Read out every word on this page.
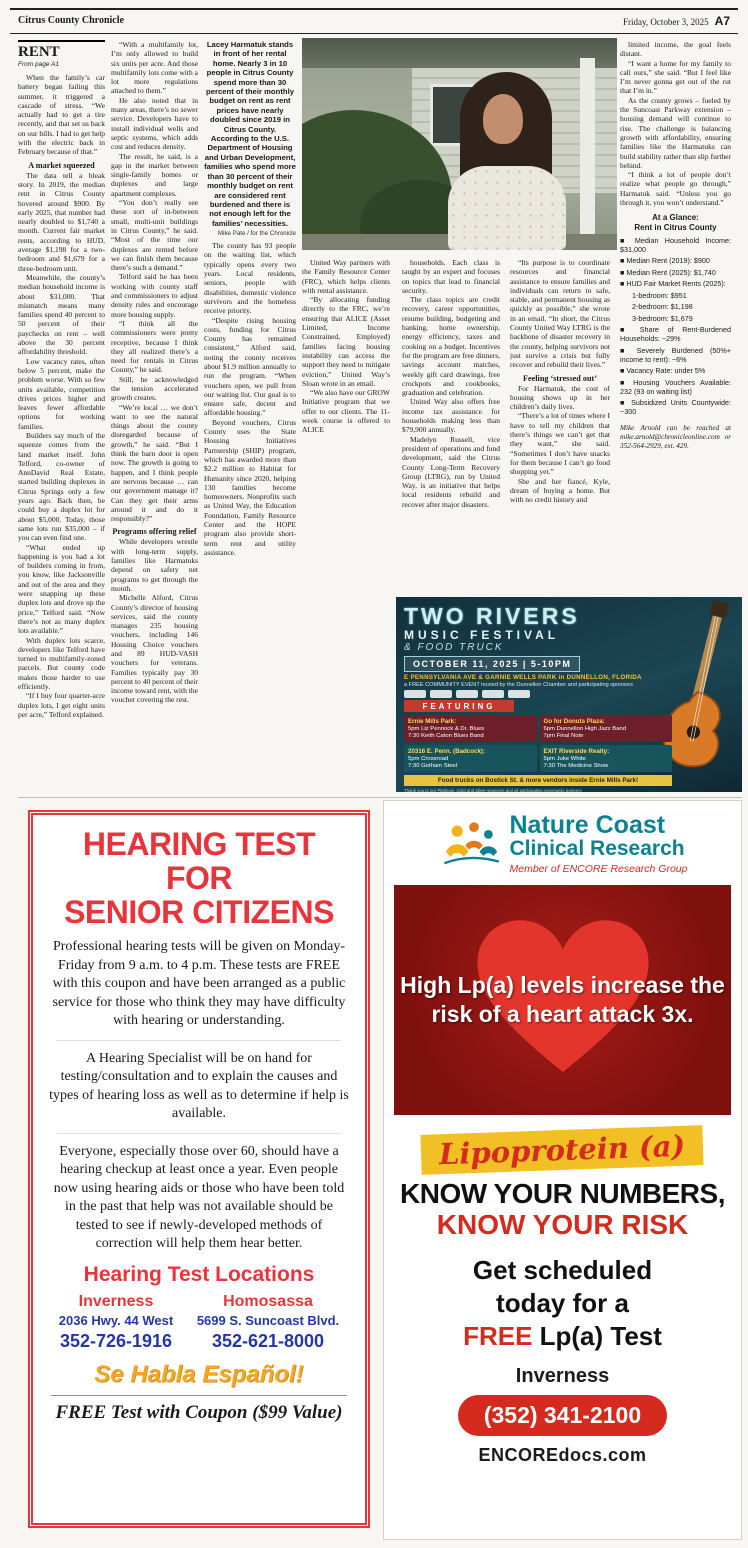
Citrus County Chronicle	Friday, October 3, 2025 A7
RENT
From page A1

When the family’s car battery began failing this summer, it triggered a cascade of stress. “We actually had to get a tire recently, and that set us back on our bills. I had to get help with the electric back in February because of that.”

A market squeezed

The data tell a bleak story. In 2019, the median rent in Citrus County hovered around $900. By early 2025, that number had nearly doubled to $1,740 a month. Current fair market rents, according to HUD, average $1,198 for a two-bedroom and $1,679 for a three-bedroom unit.

Meanwhile, the county’s median household income is about $31,000. That mismatch means many families spend 40 percent to 50 percent of their paychecks on rent – well above the 30 percent affordability threshold.

Low vacancy rates, often below 5 percent, make the problem worse. With so few units available, competition drives prices higher and leaves fewer affordable options for working families.

Builders say much of the squeeze comes from the land market itself. John Telford, co-owner of AnnDavid Real Estate, started building duplexes in Citrus Springs only a few years ago. Back then, he could buy a duplex lot for about $5,000. Today, those same lots run $35,000 – if you can even find one.

“What ended up happening is you had a lot of builders coming in from, you know, like Jacksonville and out of the area and they were snapping up these duplex lots and drove up the price,” Telford said. “Now there’s not as many duplex lots available.”

With duplex lots scarce, developers like Telford have turned to multifamily-zoned parcels. But county code makes those harder to use efficiently.

“If I buy four quarter-acre duplex lots, I get eight units per acre,” Telford explained.

“With a multifamily lot, I’m only allowed to build six units per acre. And those multifamily lots come with a lot more regulations attached to them.”

He also noted that in many areas, there’s no sewer service. Developers have to install individual wells and septic systems, which adds cost and reduces density.

The result, he said, is a gap in the market between single-family homes or duplexes and large apartment complexes.

“You don’t really see these sort of in-between small, multi-unit buildings in Citrus County,” he said. “Most of the time our duplexes are rented before we can finish them because there’s such a demand.”

Telford said he has been working with county staff and commissioners to adjust density rules and encourage more housing supply.

“I think all the commissioners were pretty receptive, because I think they all realized there’s a need for rentals in Citrus County,” he said.

Still, he acknowledged the tension accelerated growth creates.

“We’re local … we don’t want to see the natural things about the county disregarded because of growth,” he said. “But I think the barn door is open now. The growth is going to happen, and I think people are nervous because … can our government manage it? Can they get their arms around it and do it responsibly?”

Programs offering relief

While developers wrestle with long-term supply, families like Harmatuks depend on safety net programs to get through the month.

Michelle Alford, Citrus County’s director of housing services, said the county manages 235 housing vouchers, including 146 Housing Choice vouchers and 89 HUD-VASH vouchers for veterans. Families typically pay 30 percent to 40 percent of their income toward rent, with the voucher covering the rest.

Lacey Harmatuk stands in front of her rental home. Nearly 3 in 10 people in Citrus County spend more than 30 percent of their monthly budget on rent as rent prices have nearly doubled since 2019 in Citrus County. According to the U.S. Department of Housing and Urban Development, families who spend more than 30 percent of their monthly budget on rent are considered rent burdened and there is not enough left for the families’ necessities.
Mike Pate / for the Chronicle

The county has 93 people on the waiting list, which typically opens every two years. Local residents, seniors, people with disabilities, domestic violence survivors and the homeless receive priority.

“Despite rising housing costs, funding for Citrus County has remained consistent,” Alford said, noting the county receives about $1.9 million annually to run the program. “When vouchers open, we pull from our waiting list. Our goal is to ensure safe, decent and affordable housing.”

Beyond vouchers, Citrus County uses the State Housing Initiatives Partnership (SHIP) program, which has awarded more than $2.2 million to Habitat for Humanity since 2020, helping 130 families become homeowners. Nonprofits such as United Way, the Education Foundation, Family Resource Center and the HOPE program also provide short-term rent and utility assistance.

United Way partners with the Family Resource Center (FRC), which helps clients with rental assistance.

“By allocating funding directly to the FRC, we’re ensuring that ALICE (Asset Limited, Income Constrained, Employed) families facing housing instability can access the support they need to mitigate eviction,” United Way’s Sloan wrote in an email.

“We also have our GROW Initiative program that we offer to our clients. The 11-week course is offered to ALICE

households. Each class is taught by an expert and focuses on topics that lead to financial security.

The class topics are credit recovery, career opportunities, resume building, budgeting and banking, home ownership, energy efficiency, taxes and cooking on a budget. Incentives for the program are free dinners, savings account matches, weekly gift card drawings, free crockpots and cookbooks, graduation and celebration.

United Way also offers free income tax assistance for households making less than $79,900 annually.

Madelyn Russell, vice president of operations and fund development, said the Citrus County Long-Term Recovery Group (LTRG), run by United Way, is an initiative that helps local residents rebuild and recover after major disasters.

“Its purpose is to coordinate resources and financial assistance to ensure families and individuals can return to safe, stable, and permanent housing as quickly as possible,” she wrote in an email. “In short, the Citrus County United Way LTRG is the backbone of disaster recovery in the county, helping survivors not just survive a crisis but fully recover and rebuild their lives.”

Feeling ‘stressed out’

For Harmatuk, the cost of housing shows up in her children’s daily lives.

“There’s a lot of times where I have to tell my children that there’s things we can’t get that they want,” she said. “Sometimes I don’t have snacks for them because I can’t go food shopping yet.”

She and her fiancé, Kyle, dream of buying a home. But with no credit history and

limited income, the goal feels distant.

“I want a home for my family to call ours,” she said. “But I feel like I’m never gonna get out of the rut that I’m in.”

As the county grows – fueled by the Suncoast Parkway extension – housing demand will continue to rise. The challenge is balancing growth with affordability, ensuring families like the Harmatuks can build stability rather than slip further behind.

“I think a lot of people don’t realize what people go through,” Harmatuk said. “Unless you go through it, you won’t understand.”

At a Glance:
Rent in Citrus County
■ Median Household Income: $31,000
■ Median Rent (2019): $900
■ Median Rent (2025): $1,740
■ HUD Fair Market Rents (2025):
1-bedroom: $951
2-bedroom: $1,198
3-bedroom: $1,679
■ Share of Rent-Burdened Households: ~29%
■ Severely Burdened (50%+ income to rent): ~6%
■ Vacancy Rate: under 5%
■ Housing Vouchers Available: 232 (93 on waiting list)
■ Subsidized Units Countywide: ~300
Mike Arnold can be reached at mike.arnold@chronicleonline.com or 352-564-2929, ext. 429.
TWO RIVERS
MUSIC FESTIVAL
& FOOD TRUCK
OCTOBER 11, 2025 | 5-10PM
E PENNSYLVANIA AVE & GARNIE WELLS PARK in DUNNELLON, FLORIDA
a FREE COMMUNITY EVENT hosted by the Dunnellon Chamber and participating sponsors
FEATURING
Ernie Mills Park:
5pm Liz Pennock & Dr. Blues
7:30 Keith Caton Blues Band
Go for Donuts Plaza:
6pm Dunnellon High Jazz Band
7pm Final Note
20316 E. Penn. (Badcock):
5pm Crossroad
7:30 Gotham Steel
EXIT Riverside Realty:
5pm Juke White
7:30 The Medicine Show
Food trucks on Bostick St. & more vendors inside Ernie Mills Park!
Thank you to our Platinum, Gold and Silver sponsors and all participating community partners
HEARING TEST FOR
SENIOR CITIZENS
Professional hearing tests will be given on Monday-Friday from 9 a.m. to 4 p.m. These tests are FREE with this coupon and have been arranged as a public service for those who think they may have difficulty with hearing or understanding.
A Hearing Specialist will be on hand for testing/consultation and to explain the causes and types of hearing loss as well as to determine if help is available.
Everyone, especially those over 60, should have a hearing checkup at least once a year. Even people now using hearing aids or those who have been told in the past that help was not available should be tested to see if newly-developed methods of correction will help them hear better.
Hearing Test Locations
Inverness
2036 Hwy. 44 West
352-726-1916
Homosassa
5699 S. Suncoast Blvd.
352-621-8000
Se Habla Español!
FREE Test with Coupon ($99 Value)
Nature Coast
Clinical Research
Member of ENCORE Research Group
High Lp(a) levels increase the risk of a heart attack 3x.
Lipoprotein (a)
KNOW YOUR NUMBERS,
KNOW YOUR RISK
Get scheduled
today for a
FREE Lp(a) Test
Inverness
(352) 341-2100
ENCOREdocs.com
